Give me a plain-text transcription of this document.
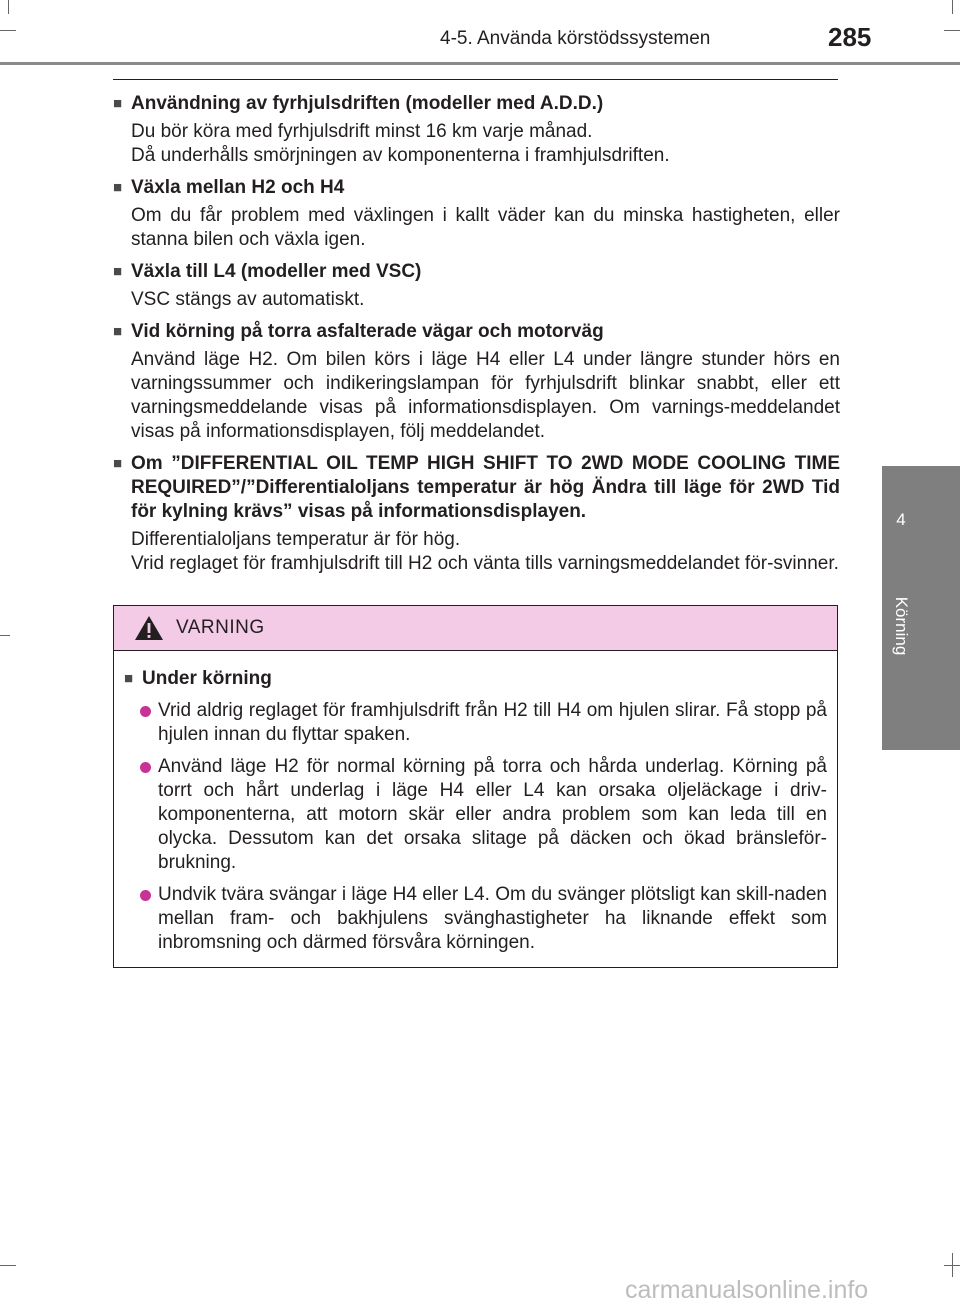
4-5. Använda körstödssystemen	285
4
Körning
■ Användning av fyrhjulsdriften (modeller med A.D.D.)
Du bör köra med fyrhjulsdrift minst 16 km varje månad.
Då underhålls smörjningen av komponenterna i framhjulsdriften.
■ Växla mellan H2 och H4
Om du får problem med växlingen i kallt väder kan du minska hastigheten, eller stanna bilen och växla igen.
■ Växla till L4 (modeller med VSC)
VSC stängs av automatiskt.
■ Vid körning på torra asfalterade vägar och motorväg
Använd läge H2. Om bilen körs i läge H4 eller L4 under längre stunder hörs en varningssummer och indikeringslampan för fyrhjulsdrift blinkar snabbt, eller ett varningsmeddelande visas på informationsdisplayen. Om varnings-meddelandet visas på informationsdisplayen, följ meddelandet.
■ Om ”DIFFERENTIAL OIL TEMP HIGH SHIFT TO 2WD MODE COOLING TIME REQUIRED”/”Differentialoljans temperatur är hög Ändra till läge för 2WD Tid för kylning krävs” visas på informationsdisplayen.
Differentialoljans temperatur är för hög.
Vrid reglaget för framhjulsdrift till H2 och vänta tills varningsmeddelandet för-svinner.
VARNING
■ Under körning
Vrid aldrig reglaget för framhjulsdrift från H2 till H4 om hjulen slirar. Få stopp på hjulen innan du flyttar spaken.
Använd läge H2 för normal körning på torra och hårda underlag. Körning på torrt och hårt underlag i läge H4 eller L4 kan orsaka oljeläckage i driv-komponenterna, att motorn skär eller andra problem som kan leda till en olycka. Dessutom kan det orsaka slitage på däcken och ökad bränsleför-brukning.
Undvik tvära svängar i läge H4 eller L4. Om du svänger plötsligt kan skill-naden mellan fram- och bakhjulens svänghastigheter ha liknande effekt som inbromsning och därmed försvåra körningen.
carmanualsonline.info
